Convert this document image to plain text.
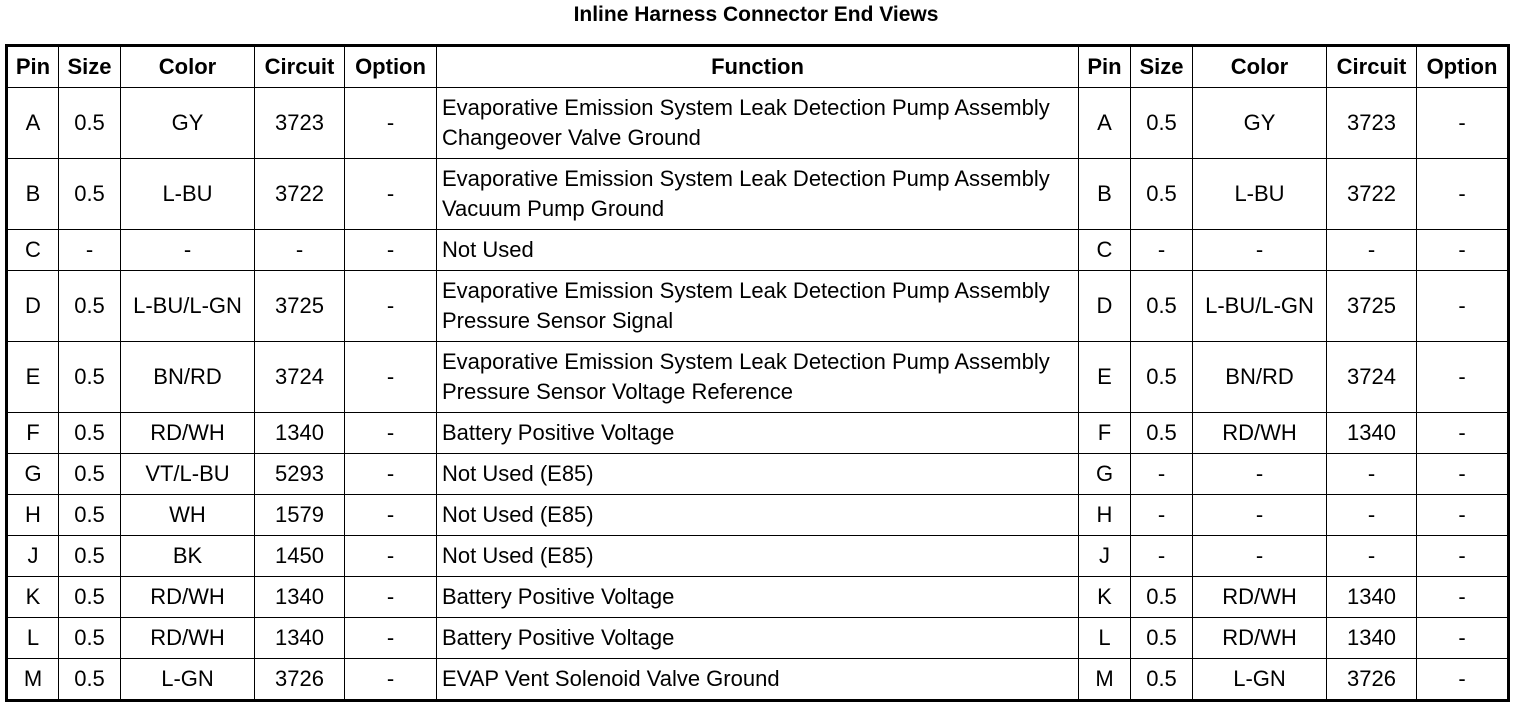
Inline Harness Connector End Views
Pin	Size	Color	Circuit	Option	Function	Pin	Size	Color	Circuit	Option
A	0.5	GY	3723	-	Evaporative Emission System Leak Detection Pump Assembly Changeover Valve Ground	A	0.5	GY	3723	-
B	0.5	L-BU	3722	-	Evaporative Emission System Leak Detection Pump Assembly Vacuum Pump Ground	B	0.5	L-BU	3722	-
C	-	-	-	-	Not Used	C	-	-	-	-
D	0.5	L-BU/L-GN	3725	-	Evaporative Emission System Leak Detection Pump Assembly Pressure Sensor Signal	D	0.5	L-BU/L-GN	3725	-
E	0.5	BN/RD	3724	-	Evaporative Emission System Leak Detection Pump Assembly Pressure Sensor Voltage Reference	E	0.5	BN/RD	3724	-
F	0.5	RD/WH	1340	-	Battery Positive Voltage	F	0.5	RD/WH	1340	-
G	0.5	VT/L-BU	5293	-	Not Used (E85)	G	-	-	-	-
H	0.5	WH	1579	-	Not Used (E85)	H	-	-	-	-
J	0.5	BK	1450	-	Not Used (E85)	J	-	-	-	-
K	0.5	RD/WH	1340	-	Battery Positive Voltage	K	0.5	RD/WH	1340	-
L	0.5	RD/WH	1340	-	Battery Positive Voltage	L	0.5	RD/WH	1340	-
M	0.5	L-GN	3726	-	EVAP Vent Solenoid Valve Ground	M	0.5	L-GN	3726	-
